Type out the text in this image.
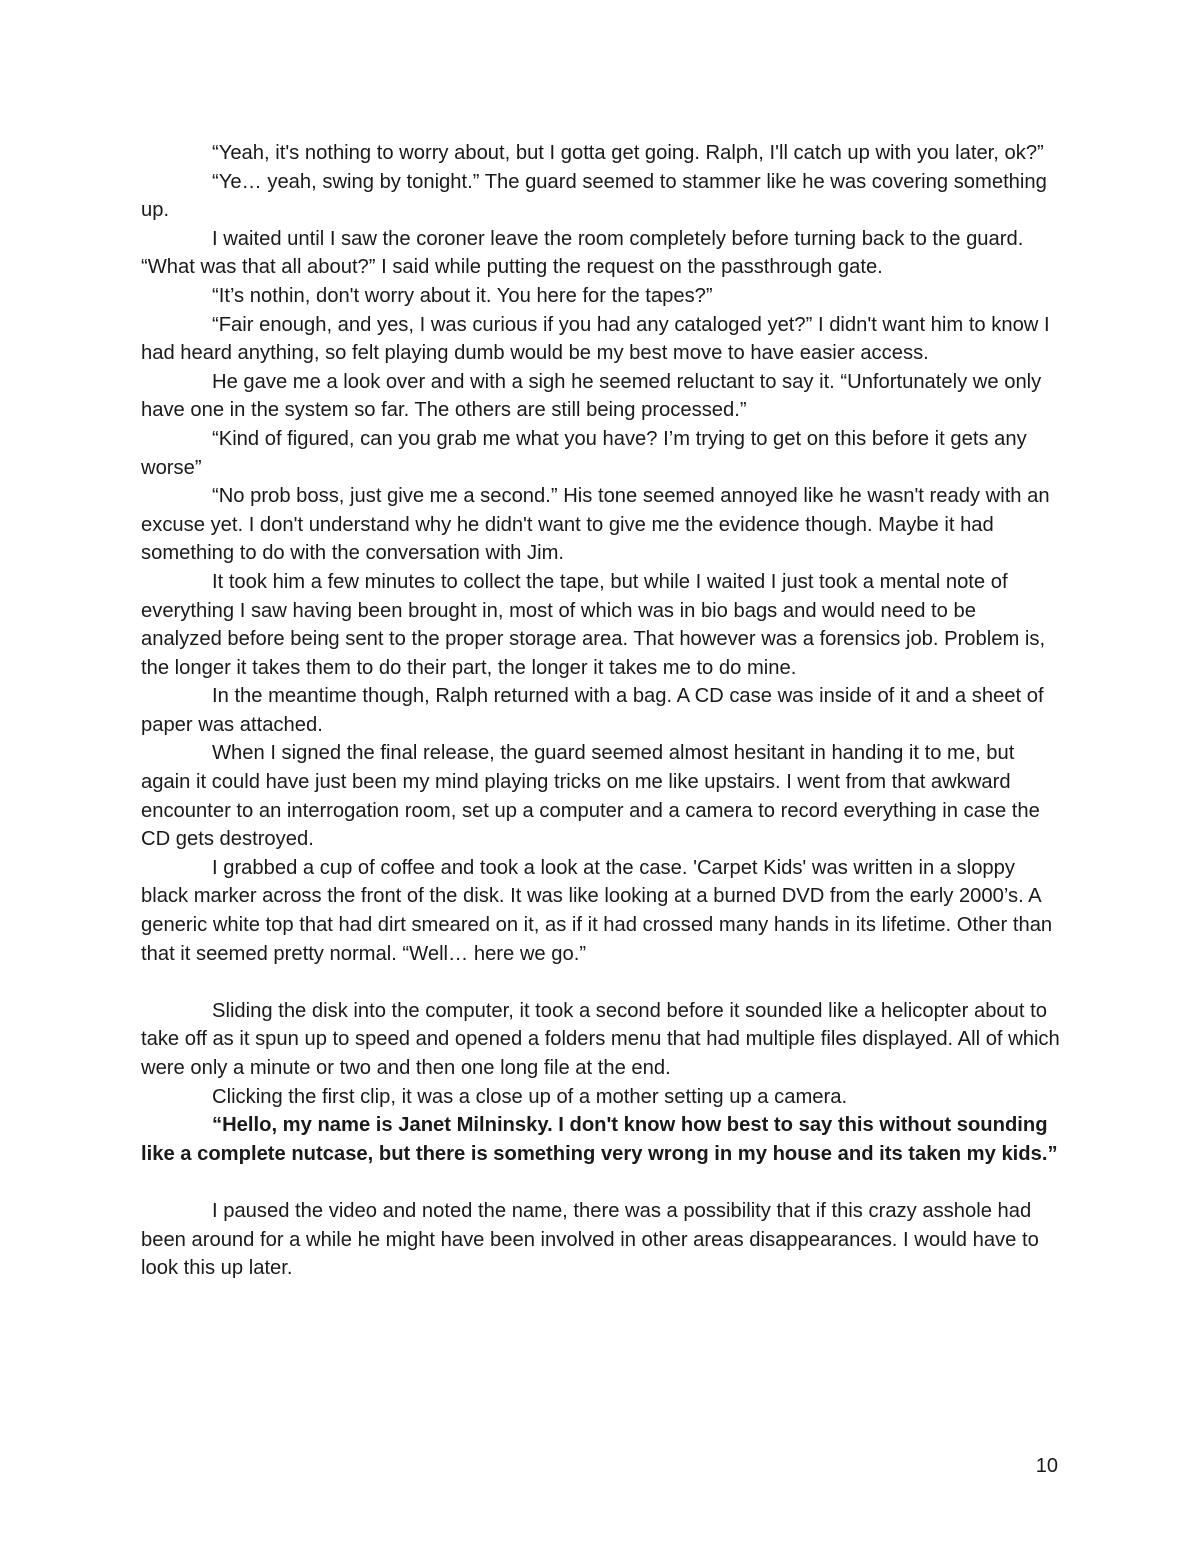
“Yeah, it's nothing to worry about, but I gotta get going. Ralph, I'll catch up with you later, ok?”

“Ye… yeah, swing by tonight.” The guard seemed to stammer like he was covering something up.

I waited until I saw the coroner leave the room completely before turning back to the guard. “What was that all about?” I said while putting the request on the passthrough gate.

“It’s nothin, don't worry about it. You here for the tapes?”

“Fair enough, and yes, I was curious if you had any cataloged yet?” I didn't want him to know I had heard anything, so felt playing dumb would be my best move to have easier access.

He gave me a look over and with a sigh he seemed reluctant to say it. “Unfortunately we only have one in the system so far. The others are still being processed.”

“Kind of figured, can you grab me what you have? I’m trying to get on this before it gets any worse”

“No prob boss, just give me a second.” His tone seemed annoyed like he wasn't ready with an excuse yet. I don't understand why he didn't want to give me the evidence though. Maybe it had something to do with the conversation with Jim.

It took him a few minutes to collect the tape, but while I waited I just took a mental note of everything I saw having been brought in, most of which was in bio bags and would need to be analyzed before being sent to the proper storage area. That however was a forensics job. Problem is, the longer it takes them to do their part, the longer it takes me to do mine.

In the meantime though, Ralph returned with a bag. A CD case was inside of it and a sheet of paper was attached.

When I signed the final release, the guard seemed almost hesitant in handing it to me, but again it could have just been my mind playing tricks on me like upstairs. I went from that awkward encounter to an interrogation room, set up a computer and a camera to record everything in case the CD gets destroyed.

I grabbed a cup of coffee and took a look at the case. 'Carpet Kids' was written in a sloppy black marker across the front of the disk. It was like looking at a burned DVD from the early 2000’s. A generic white top that had dirt smeared on it, as if it had crossed many hands in its lifetime. Other than that it seemed pretty normal. “Well… here we go.”

Sliding the disk into the computer, it took a second before it sounded like a helicopter about to take off as it spun up to speed and opened a folders menu that had multiple files displayed. All of which were only a minute or two and then one long file at the end.

Clicking the first clip, it was a close up of a mother setting up a camera.

“Hello, my name is Janet Milninsky. I don't know how best to say this without sounding like a complete nutcase, but there is something very wrong in my house and its taken my kids.”

I paused the video and noted the name, there was a possibility that if this crazy asshole had been around for a while he might have been involved in other areas disappearances. I would have to look this up later.

10
